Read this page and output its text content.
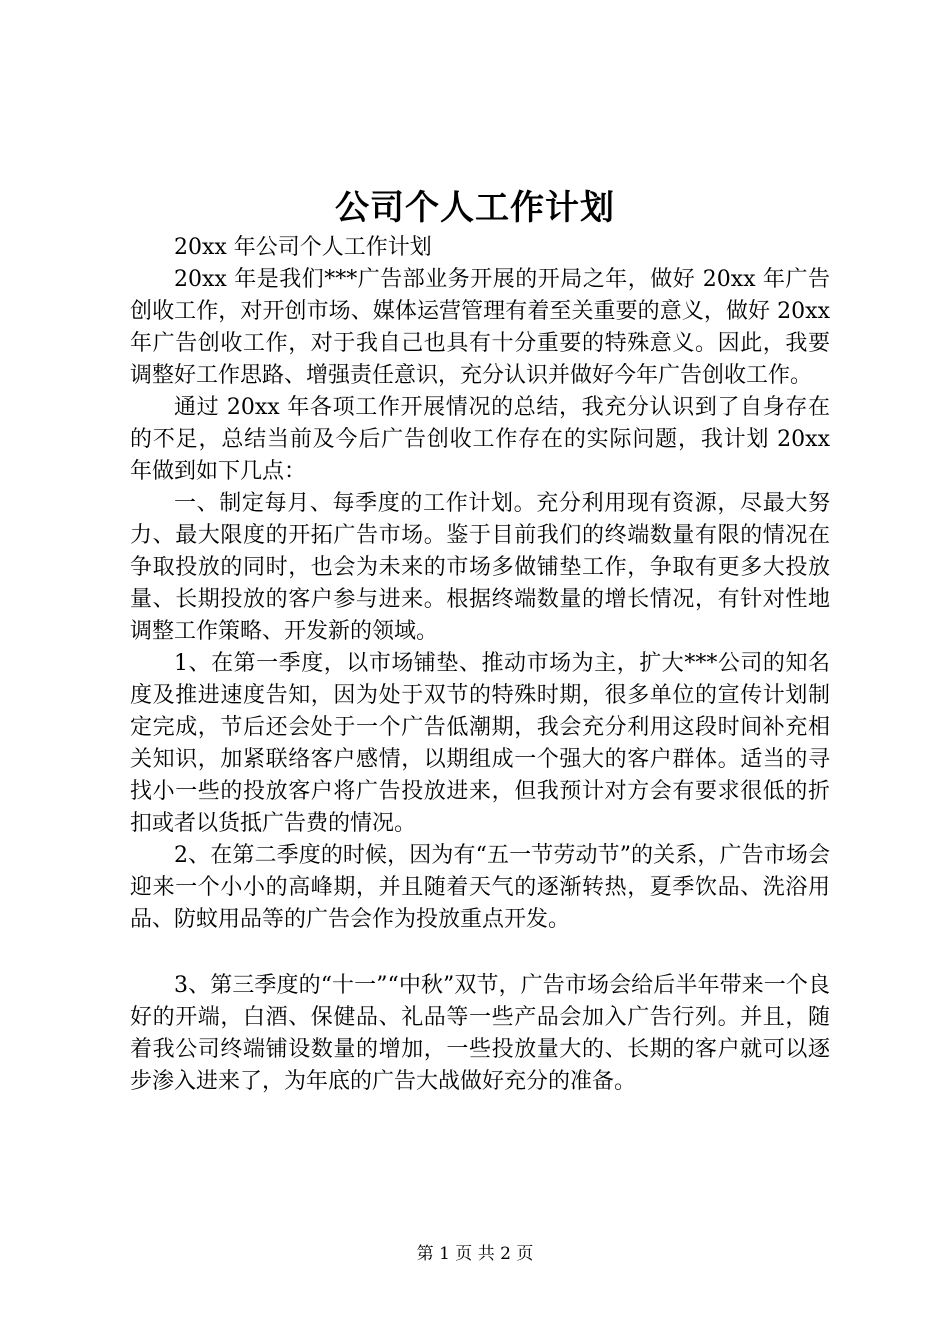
公司个人工作计划

20xx 年公司个人工作计划

20xx 年是我们***广告部业务开展的开局之年，做好 20xx 年广告创收工作，对开创市场、媒体运营管理有着至关重要的意义，做好 20xx 年广告创收工作，对于我自己也具有十分重要的特殊意义。因此，我要调整好工作思路、增强责任意识，充分认识并做好今年广告创收工作。

通过 20xx 年各项工作开展情况的总结，我充分认识到了自身存在的不足，总结当前及今后广告创收工作存在的实际问题，我计划 20xx 年做到如下几点：

一、制定每月、每季度的工作计划。充分利用现有资源，尽最大努力、最大限度的开拓广告市场。鉴于目前我们的终端数量有限的情况在争取投放的同时，也会为未来的市场多做铺垫工作，争取有更多大投放量、长期投放的客户参与进来。根据终端数量的增长情况，有针对性地调整工作策略、开发新的领域。

1、在第一季度，以市场铺垫、推动市场为主，扩大***公司的知名度及推进速度告知，因为处于双节的特殊时期，很多单位的宣传计划制定完成，节后还会处于一个广告低潮期，我会充分利用这段时间补充相关知识，加紧联络客户感情，以期组成一个强大的客户群体。适当的寻找小一些的投放客户将广告投放进来，但我预计对方会有要求很低的折扣或者以货抵广告费的情况。

2、在第二季度的时候，因为有“五一节劳动节”的关系，广告市场会迎来一个小小的高峰期，并且随着天气的逐渐转热，夏季饮品、洗浴用品、防蚊用品等的广告会作为投放重点开发。

3、第三季度的“十一”“中秋”双节，广告市场会给后半年带来一个良好的开端，白酒、保健品、礼品等一些产品会加入广告行列。并且，随着我公司终端铺设数量的增加，一些投放量大的、长期的客户就可以逐步渗入进来了，为年底的广告大战做好充分的准备。

第 1 页 共 2 页
